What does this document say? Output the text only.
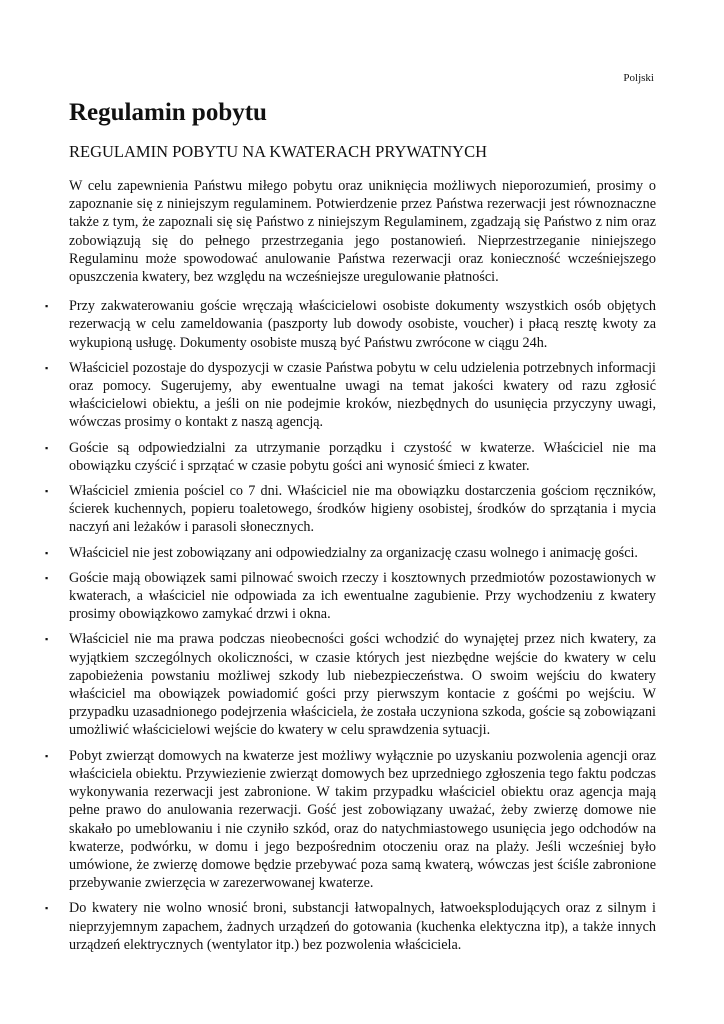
Poljski
Regulamin pobytu
REGULAMIN POBYTU NA KWATERACH PRYWATNYCH

W celu zapewnienia Państwu miłego pobytu oraz uniknięcia możliwych nieporozumień, prosimy o zapoznanie się z niniejszym regulaminem. Potwierdzenie przez Państwa rezerwacji jest równoznaczne także z tym, że zapoznali się się Państwo z niniejszym Regulaminem, zgadzają się Państwo z nim oraz zobowiązują się do pełnego przestrzegania jego postanowień. Nieprzestrzeganie niniejszego Regulaminu może spowodować anulowanie Państwa rezerwacji oraz konieczność wcześniejszego opuszczenia kwatery, bez względu na wcześniejsze uregulowanie płatności.

▪ Przy zakwaterowaniu goście wręczają właścicielowi osobiste dokumenty wszystkich osób objętych rezerwacją w celu zameldowania (paszporty lub dowody osobiste, voucher) i płacą resztę kwoty za wykupioną usługę. Dokumenty osobiste muszą być Państwu zwrócone w ciągu 24h.
▪ Właściciel pozostaje do dyspozycji w czasie Państwa pobytu w celu udzielenia potrzebnych informacji oraz pomocy. Sugerujemy, aby ewentualne uwagi na temat jakości kwatery od razu zgłosić właścicielowi obiektu, a jeśli on nie podejmie kroków, niezbędnych do usunięcia przyczyny uwagi, wówczas prosimy o kontakt z naszą agencją.
▪ Goście są odpowiedzialni za utrzymanie porządku i czystość w kwaterze. Właściciel nie ma obowiązku czyścić i sprzątać w czasie pobytu gości ani wynosić śmieci z kwater.
▪ Właściciel zmienia pościel co 7 dni. Właściciel nie ma obowiązku dostarczenia gościom ręczników, ścierek kuchennych, popieru toaletowego, środków higieny osobistej, środków do sprzątania i mycia naczyń ani leżaków i parasoli słonecznych.
▪ Właściciel nie jest zobowiązany ani odpowiedzialny za organizację czasu wolnego i animację gości.
▪ Goście mają obowiązek sami pilnować swoich rzeczy i kosztownych przedmiotów pozostawionych w kwaterach, a właściciel nie odpowiada za ich ewentualne zagubienie. Przy wychodzeniu z kwatery prosimy obowiązkowo zamykać drzwi i okna.
▪ Właściciel nie ma prawa podczas nieobecności gości wchodzić do wynajętej przez nich kwatery, za wyjątkiem szczególnych okoliczności, w czasie których jest niezbędne wejście do kwatery w celu zapobieżenia powstaniu możliwej szkody lub niebezpieczeństwa. O swoim wejściu do kwatery właściciel ma obowiązek powiadomić gości przy pierwszym kontacie z gośćmi po wejściu. W przypadku uzasadnionego podejrzenia właściciela, że została uczyniona szkoda, goście są zobowiązani umożliwić właścicielowi wejście do kwatery w celu sprawdzenia sytuacji.
▪ Pobyt zwierząt domowych na kwaterze jest możliwy wyłącznie po uzyskaniu pozwolenia agencji oraz właściciela obiektu. Przywiezienie zwierząt domowych bez uprzedniego zgłoszenia tego faktu podczas wykonywania rezerwacji jest zabronione. W takim przypadku właściciel obiektu oraz agencja mają pełne prawo do anulowania rezerwacji. Gość jest zobowiązany uważać, żeby zwierzę domowe nie skakało po umeblowaniu i nie czyniło szkód, oraz do natychmiastowego usunięcia jego odchodów na kwaterze, podwórku, w domu i jego bezpośrednim otoczeniu oraz na plaży. Jeśli wcześniej było umówione, że zwierzę domowe będzie przebywać poza samą kwaterą, wówczas jest ściśle zabronione przebywanie zwierzęcia w zarezerwowanej kwaterze.
▪ Do kwatery nie wolno wnosić broni, substancji łatwopalnych, łatwoeksplodujących oraz z silnym i nieprzyjemnym zapachem, żadnych urządzeń do gotowania (kuchenka elektyczna itp), a także innych urządzeń elektrycznych (wentylator itp.) bez pozwolenia właściciela.
